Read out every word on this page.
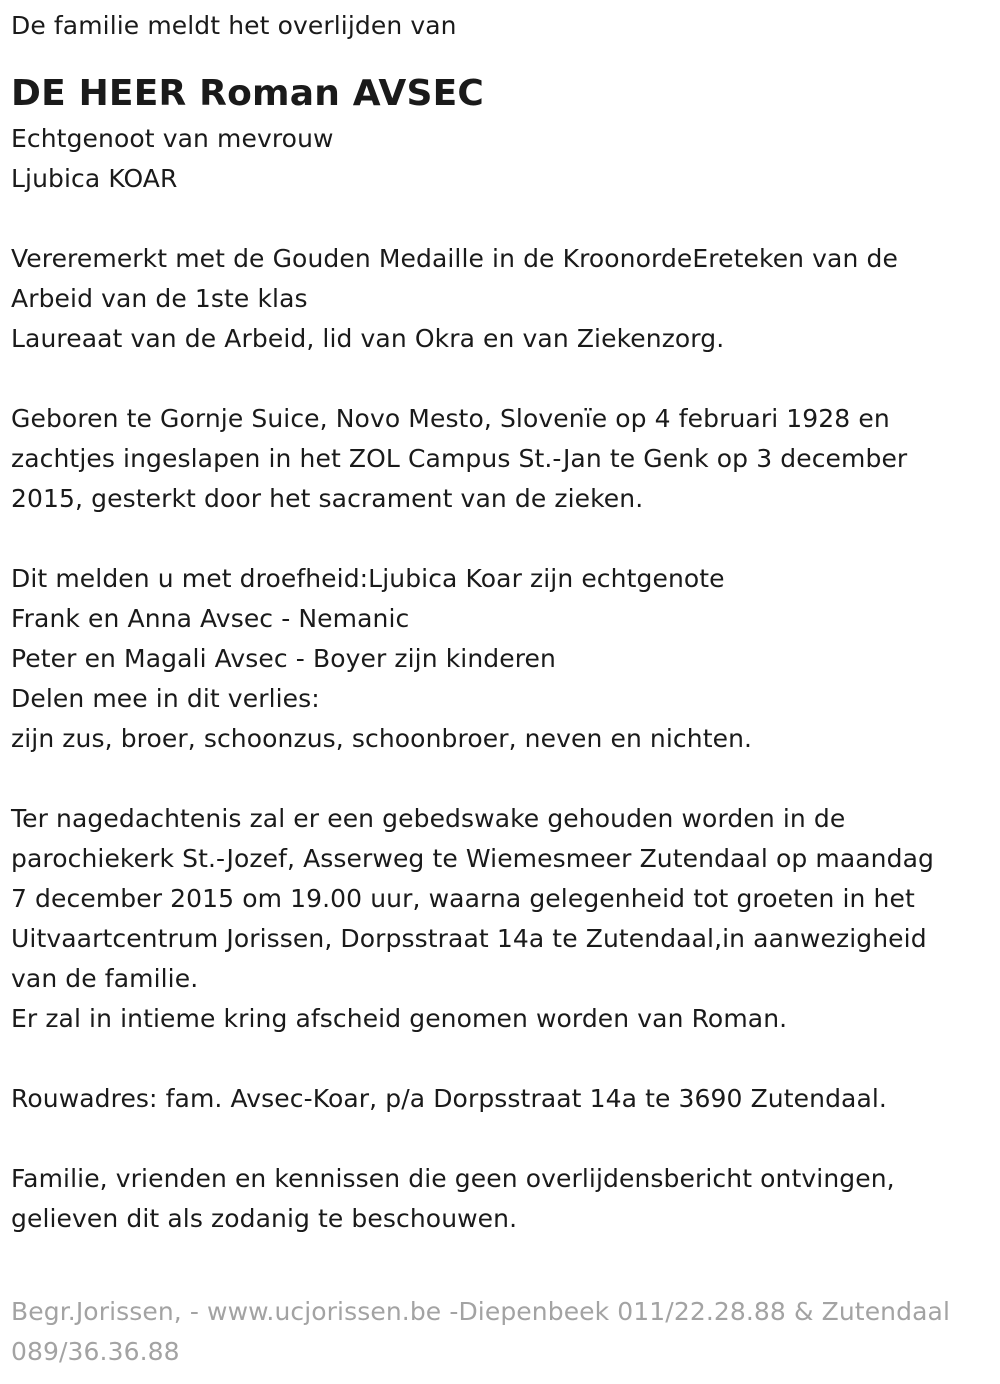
De familie meldt het overlijden van
DE HEER Roman AVSEC
Echtgenoot van mevrouw
Ljubica KOAR
Vereremerkt met de Gouden Medaille in de KroonordeEreteken van de
Arbeid van de 1ste klas
Laureaat van de Arbeid, lid van Okra en van Ziekenzorg.
Geboren te Gornje Suice, Novo Mesto, Slovenïe op 4 februari 1928 en
zachtjes ingeslapen in het ZOL Campus St.-Jan te Genk op 3 december
2015, gesterkt door het sacrament van de zieken.
Dit melden u met droefheid:Ljubica Koar zijn echtgenote
Frank en Anna Avsec - Nemanic
Peter en Magali Avsec - Boyer zijn kinderen
Delen mee in dit verlies:
zijn zus, broer, schoonzus, schoonbroer, neven en nichten.
Ter nagedachtenis zal er een gebedswake gehouden worden in de
parochiekerk St.-Jozef, Asserweg te Wiemesmeer Zutendaal op maandag
7 december 2015 om 19.00 uur, waarna gelegenheid tot groeten in het
Uitvaartcentrum Jorissen, Dorpsstraat 14a te Zutendaal,in aanwezigheid
van de familie.
Er zal in intieme kring afscheid genomen worden van Roman.
Rouwadres: fam. Avsec-Koar, p/a Dorpsstraat 14a te 3690 Zutendaal.
Familie, vrienden en kennissen die geen overlijdensbericht ontvingen,
gelieven dit als zodanig te beschouwen.
Begr.Jorissen, - www.ucjorissen.be -Diepenbeek 011/22.28.88 & Zutendaal
089/36.36.88
